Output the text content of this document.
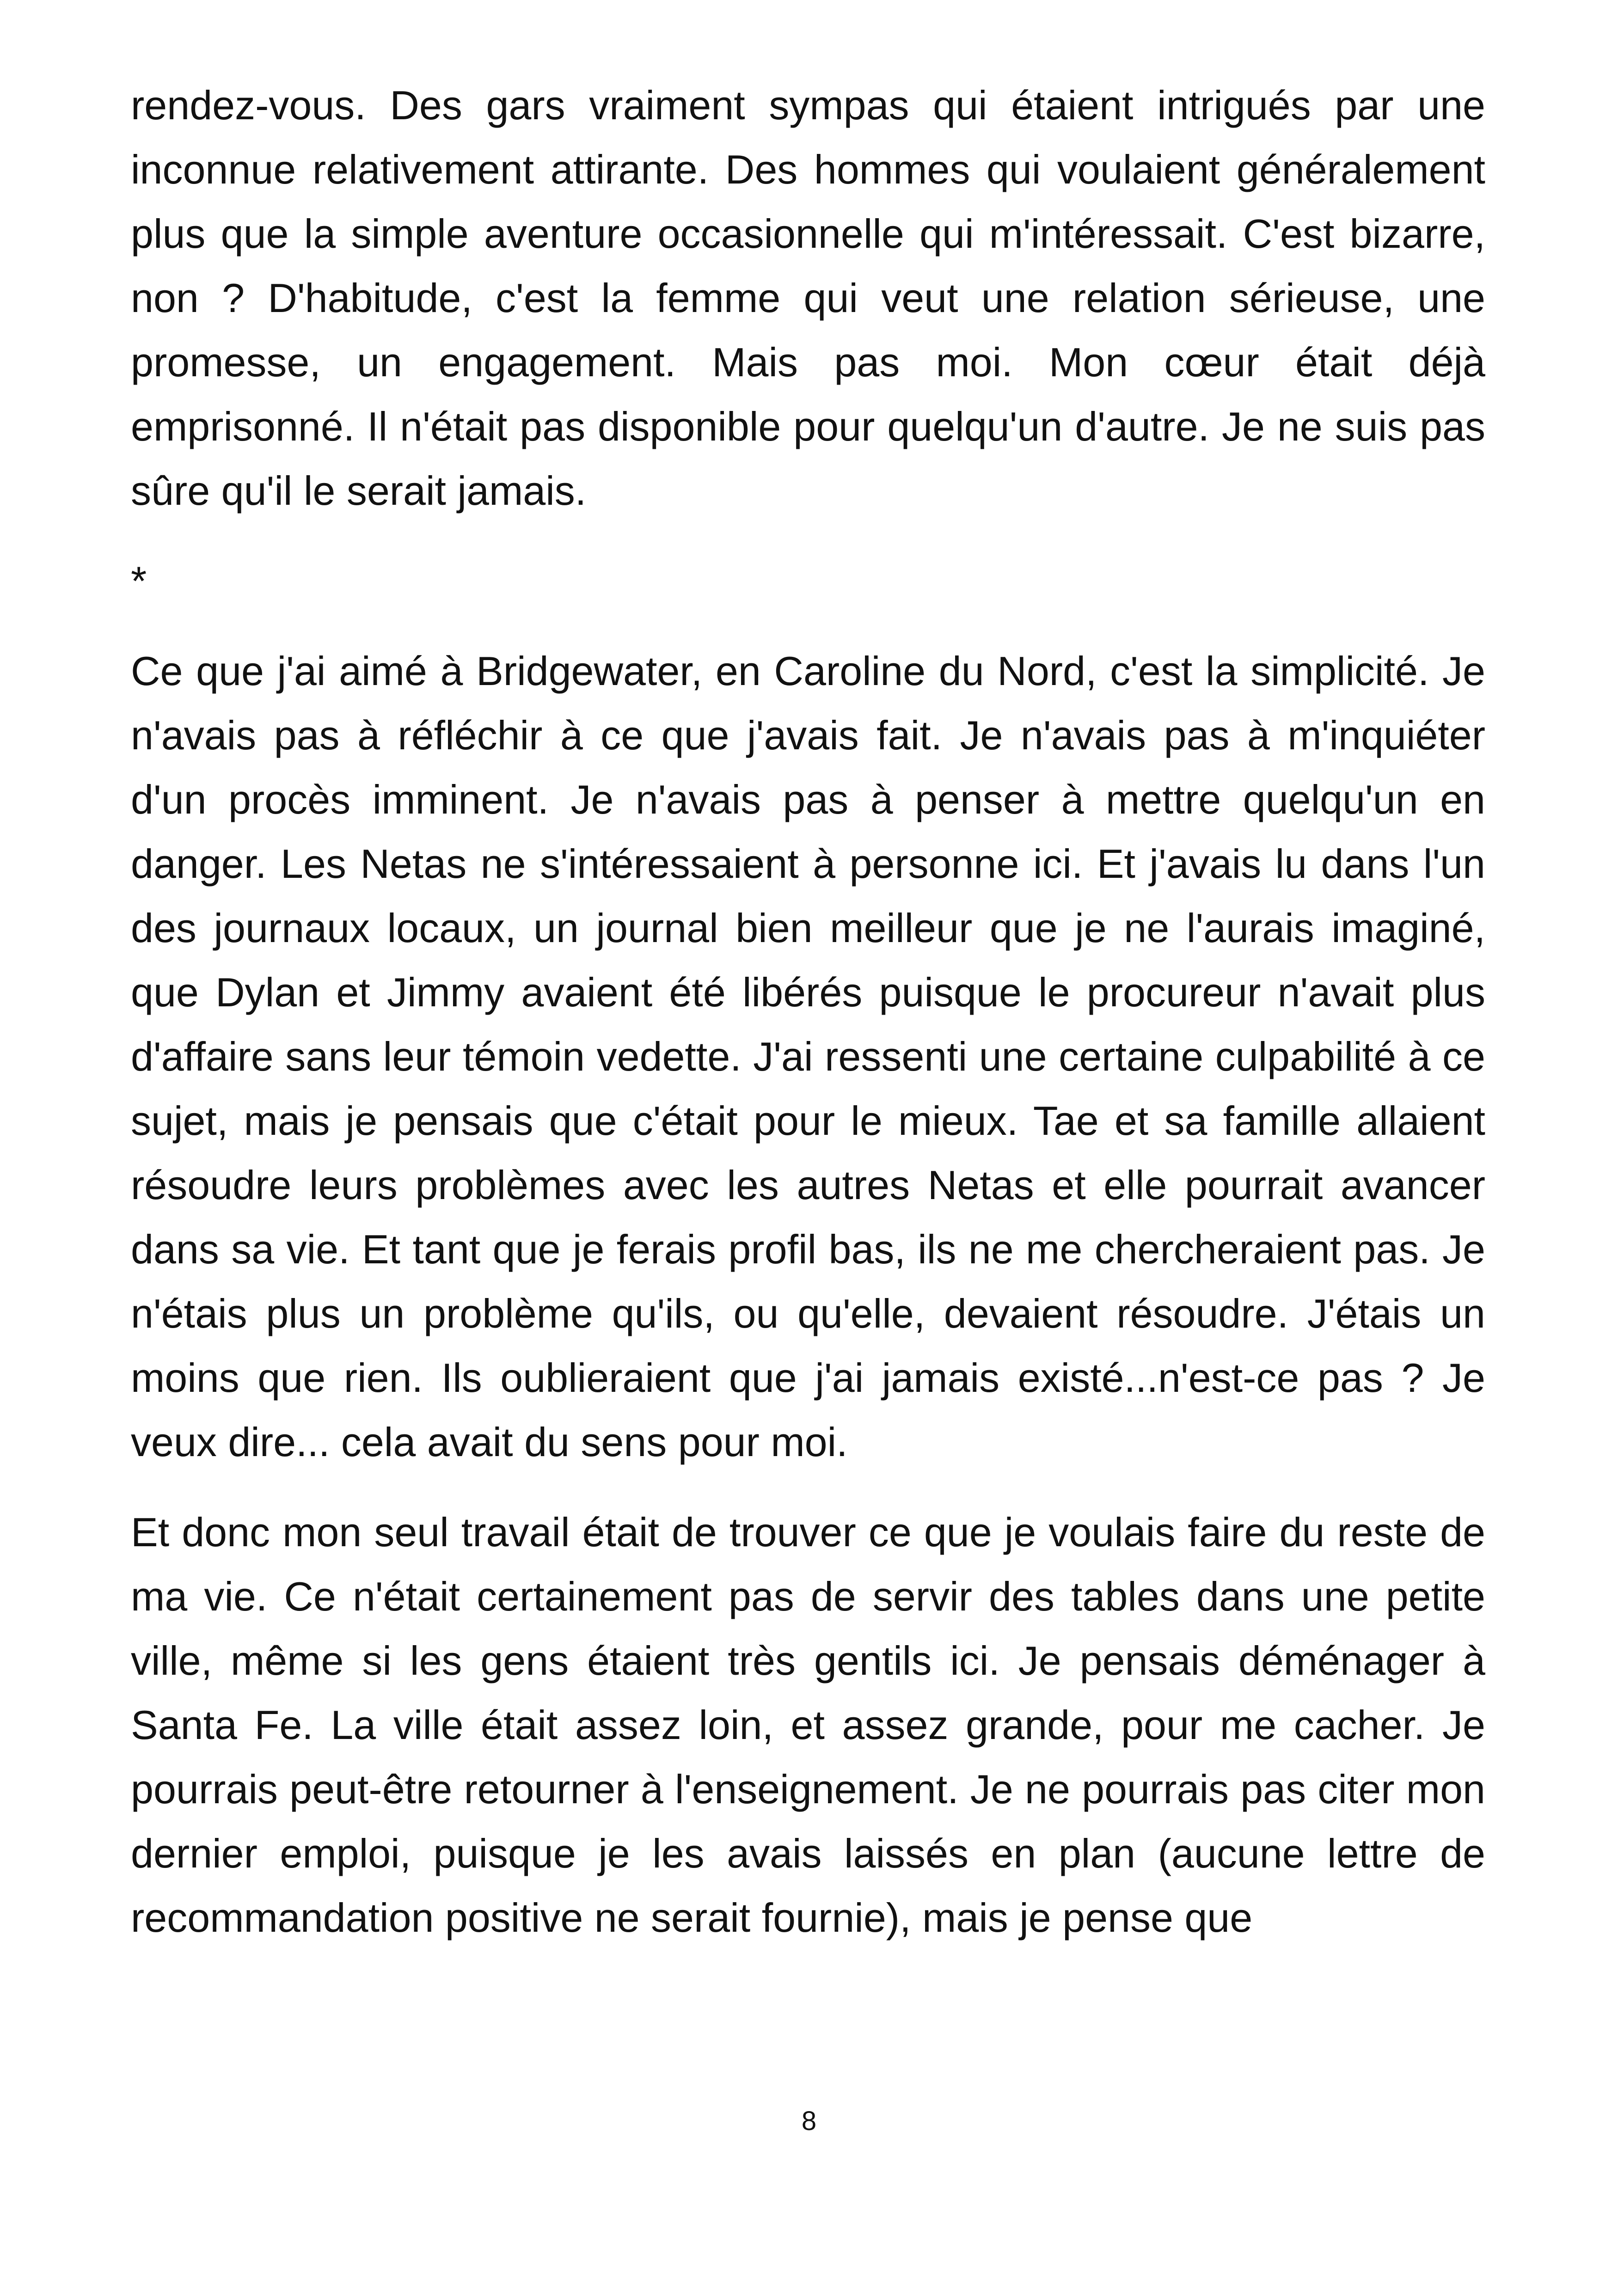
rendez-vous. Des gars vraiment sympas qui étaient intrigués par une inconnue relativement attirante. Des hommes qui voulaient généralement plus que la simple aventure occasionnelle qui m'intéressait. C'est bizarre, non ? D'habitude, c'est la femme qui veut une relation sérieuse, une promesse, un engagement. Mais pas moi. Mon cœur était déjà emprisonné. Il n'était pas disponible pour quelqu'un d'autre. Je ne suis pas sûre qu'il le serait jamais.

*

Ce que j'ai aimé à Bridgewater, en Caroline du Nord, c'est la simplicité. Je n'avais pas à réfléchir à ce que j'avais fait. Je n'avais pas à m'inquiéter d'un procès imminent. Je n'avais pas à penser à mettre quelqu'un en danger. Les Netas ne s'intéressaient à personne ici. Et j'avais lu dans l'un des journaux locaux, un journal bien meilleur que je ne l'aurais imaginé, que Dylan et Jimmy avaient été libérés puisque le procureur n'avait plus d'affaire sans leur témoin vedette. J'ai ressenti une certaine culpabilité à ce sujet, mais je pensais que c'était pour le mieux. Tae et sa famille allaient résoudre leurs problèmes avec les autres Netas et elle pourrait avancer dans sa vie. Et tant que je ferais profil bas, ils ne me chercheraient pas. Je n'étais plus un problème qu'ils, ou qu'elle, devaient résoudre. J'étais un moins que rien. Ils oublieraient que j'ai jamais existé...n'est-ce pas ? Je veux dire... cela avait du sens pour moi.

Et donc mon seul travail était de trouver ce que je voulais faire du reste de ma vie. Ce n'était certainement pas de servir des tables dans une petite ville, même si les gens étaient très gentils ici. Je pensais déménager à Santa Fe. La ville était assez loin, et assez grande, pour me cacher. Je pourrais peut-être retourner à l'enseignement. Je ne pourrais pas citer mon dernier emploi, puisque je les avais laissés en plan (aucune lettre de recommandation positive ne serait fournie), mais je pense que

8
